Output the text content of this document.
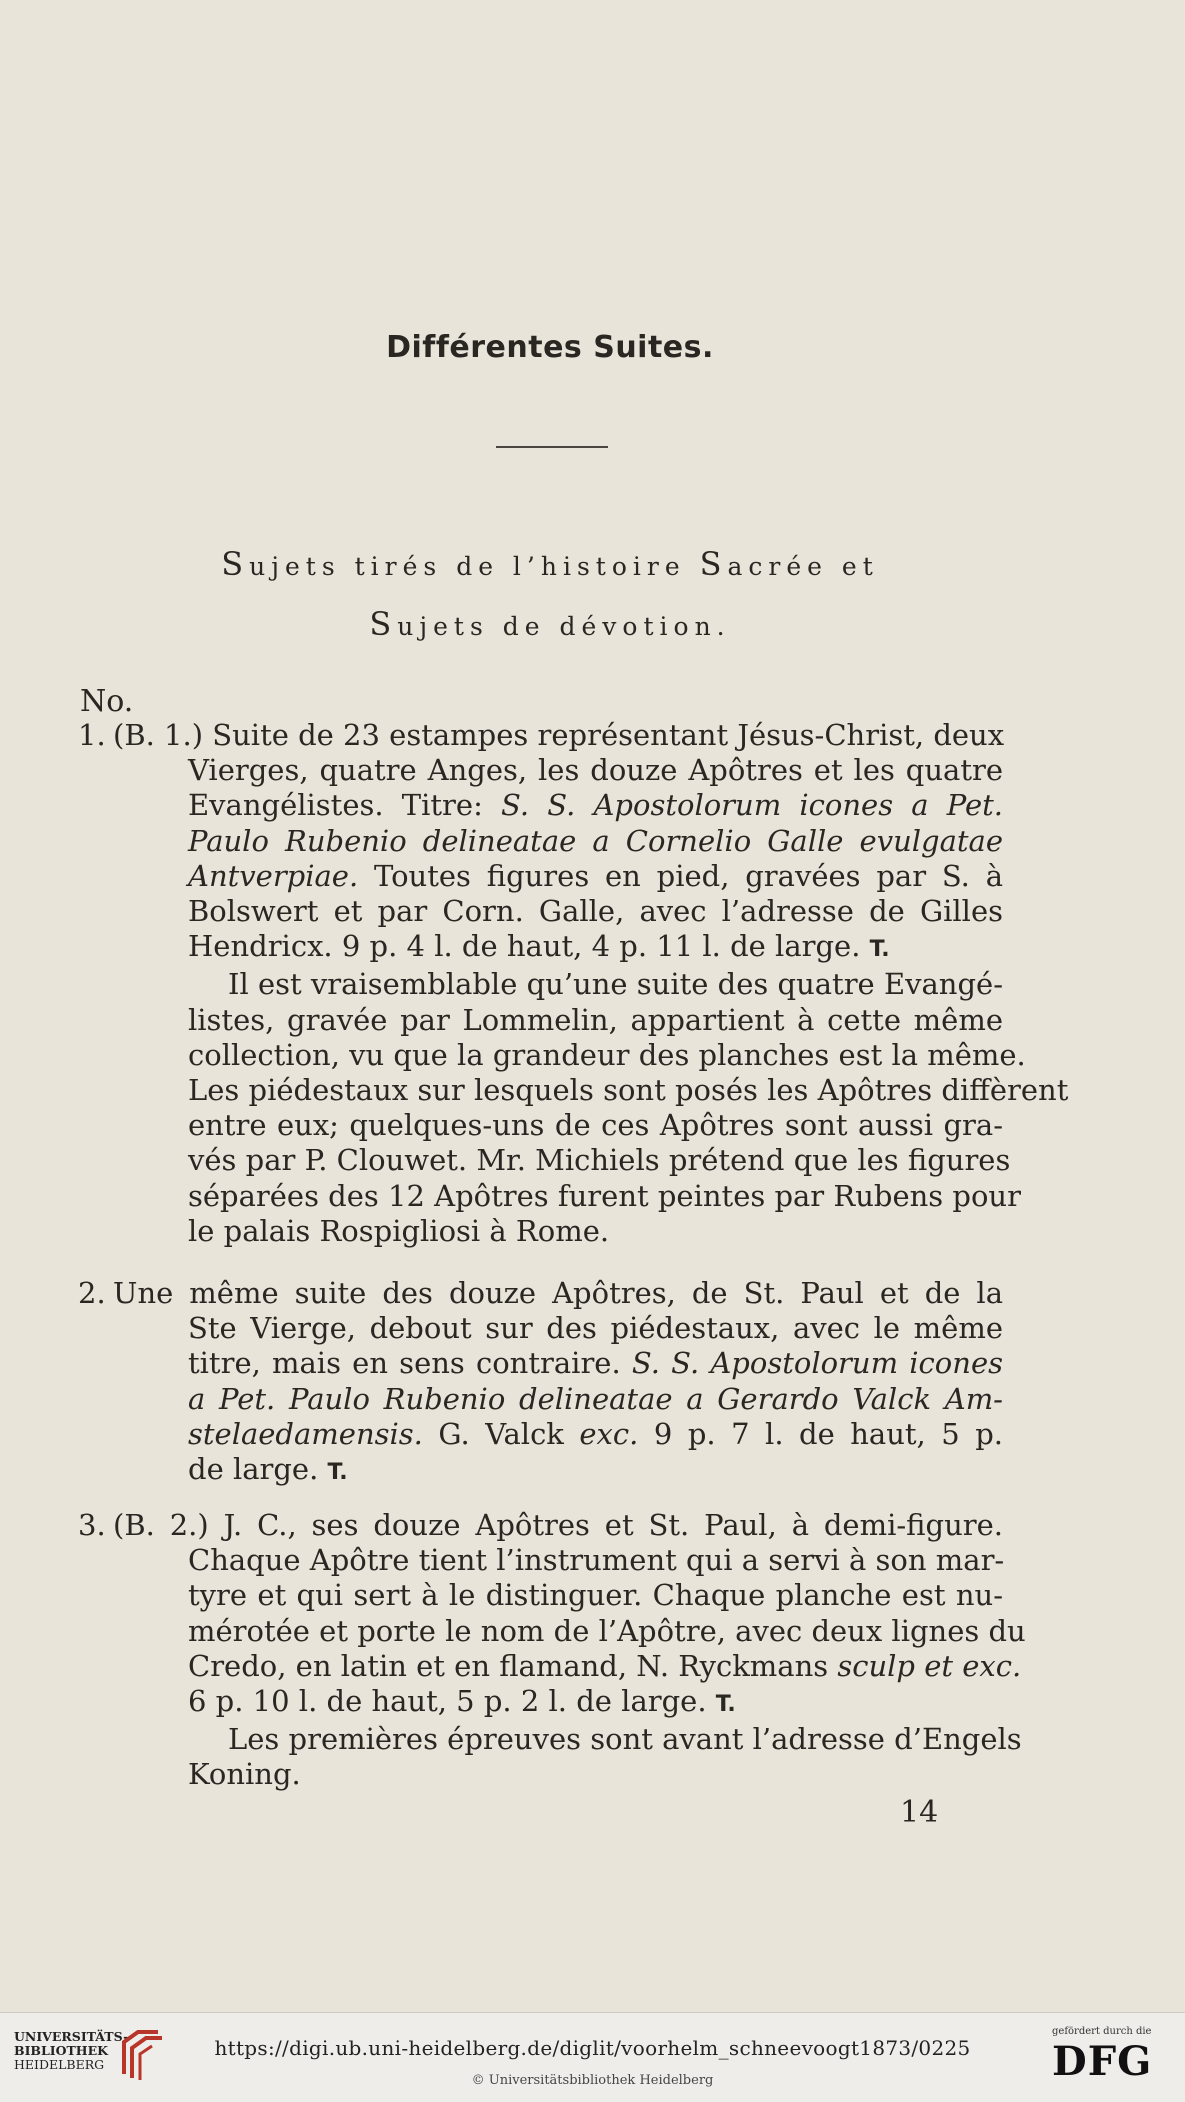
Différentes Suites.
Sujets tirés de l’histoire Sacrée et
Sujets de dévotion.
No.
1. (B. 1.) Suite de 23 estampes représentant Jésus-Christ, deux
Vierges, quatre Anges, les douze Apôtres et les quatre
Evangélistes. Titre: S. S. Apostolorum icones a Pet.
Paulo Rubenio delineatae a Cornelio Galle evulgatae
Antverpiae. Toutes figures en pied, gravées par S. à
Bolswert et par Corn. Galle, avec l’adresse de Gilles
Hendricx. 9 p. 4 l. de haut, 4 p. 11 l. de large. T.
Il est vraisemblable qu’une suite des quatre Evangé-
listes, gravée par Lommelin, appartient à cette même
collection, vu que la grandeur des planches est la même.
Les piédestaux sur lesquels sont posés les Apôtres diffèrent
entre eux; quelques-uns de ces Apôtres sont aussi gra-
vés par P. Clouwet. Mr. Michiels prétend que les figures
séparées des 12 Apôtres furent peintes par Rubens pour
le palais Rospigliosi à Rome.
2. Une même suite des douze Apôtres, de St. Paul et de la
Ste Vierge, debout sur des piédestaux, avec le même
titre, mais en sens contraire. S. S. Apostolorum icones
a Pet. Paulo Rubenio delineatae a Gerardo Valck Am-
stelaedamensis. G. Valck exc. 9 p. 7 l. de haut, 5 p.
de large. T.
3. (B. 2.) J. C., ses douze Apôtres et St. Paul, à demi-figure.
Chaque Apôtre tient l’instrument qui a servi à son mar-
tyre et qui sert à le distinguer. Chaque planche est nu-
mérotée et porte le nom de l’Apôtre, avec deux lignes du
Credo, en latin et en flamand, N. Ryckmans sculp et exc.
6 p. 10 l. de haut, 5 p. 2 l. de large. T.
Les premières épreuves sont avant l’adresse d’Engels
Koning.
14
UNIVERSITÄTS-
BIBLIOTHEK
HEIDELBERG
https://digi.ub.uni-heidelberg.de/diglit/voorhelm_schneevoogt1873/0225
© Universitätsbibliothek Heidelberg
gefördert durch die
DFG
